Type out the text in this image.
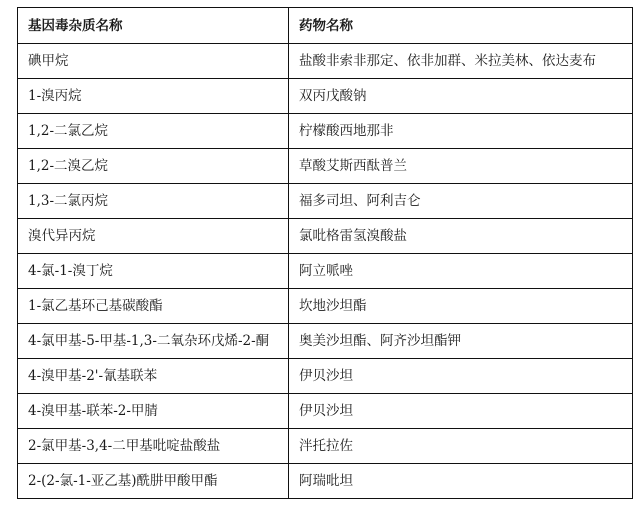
基因毒杂质名称	药物名称
碘甲烷	盐酸非索非那定、依非加群、米拉美林、依达麦布
1-溴丙烷	双丙戊酸钠
1,2-二氯乙烷	柠檬酸西地那非
1,2-二溴乙烷	草酸艾斯西酞普兰
1,3-二氯丙烷	福多司坦、阿利吉仑
溴代异丙烷	氯吡格雷氢溴酸盐
4-氯-1-溴丁烷	阿立哌唑
1-氯乙基环己基碳酸酯	坎地沙坦酯
4-氯甲基-5-甲基-1,3-二氧杂环戊烯-2-酮	奥美沙坦酯、阿齐沙坦酯钾
4-溴甲基-2'-氰基联苯	伊贝沙坦
4-溴甲基-联苯-2-甲腈	伊贝沙坦
2-氯甲基-3,4-二甲基吡啶盐酸盐	泮托拉佐
2-(2-氯-1-亚乙基)酰肼甲酸甲酯	阿瑞吡坦
